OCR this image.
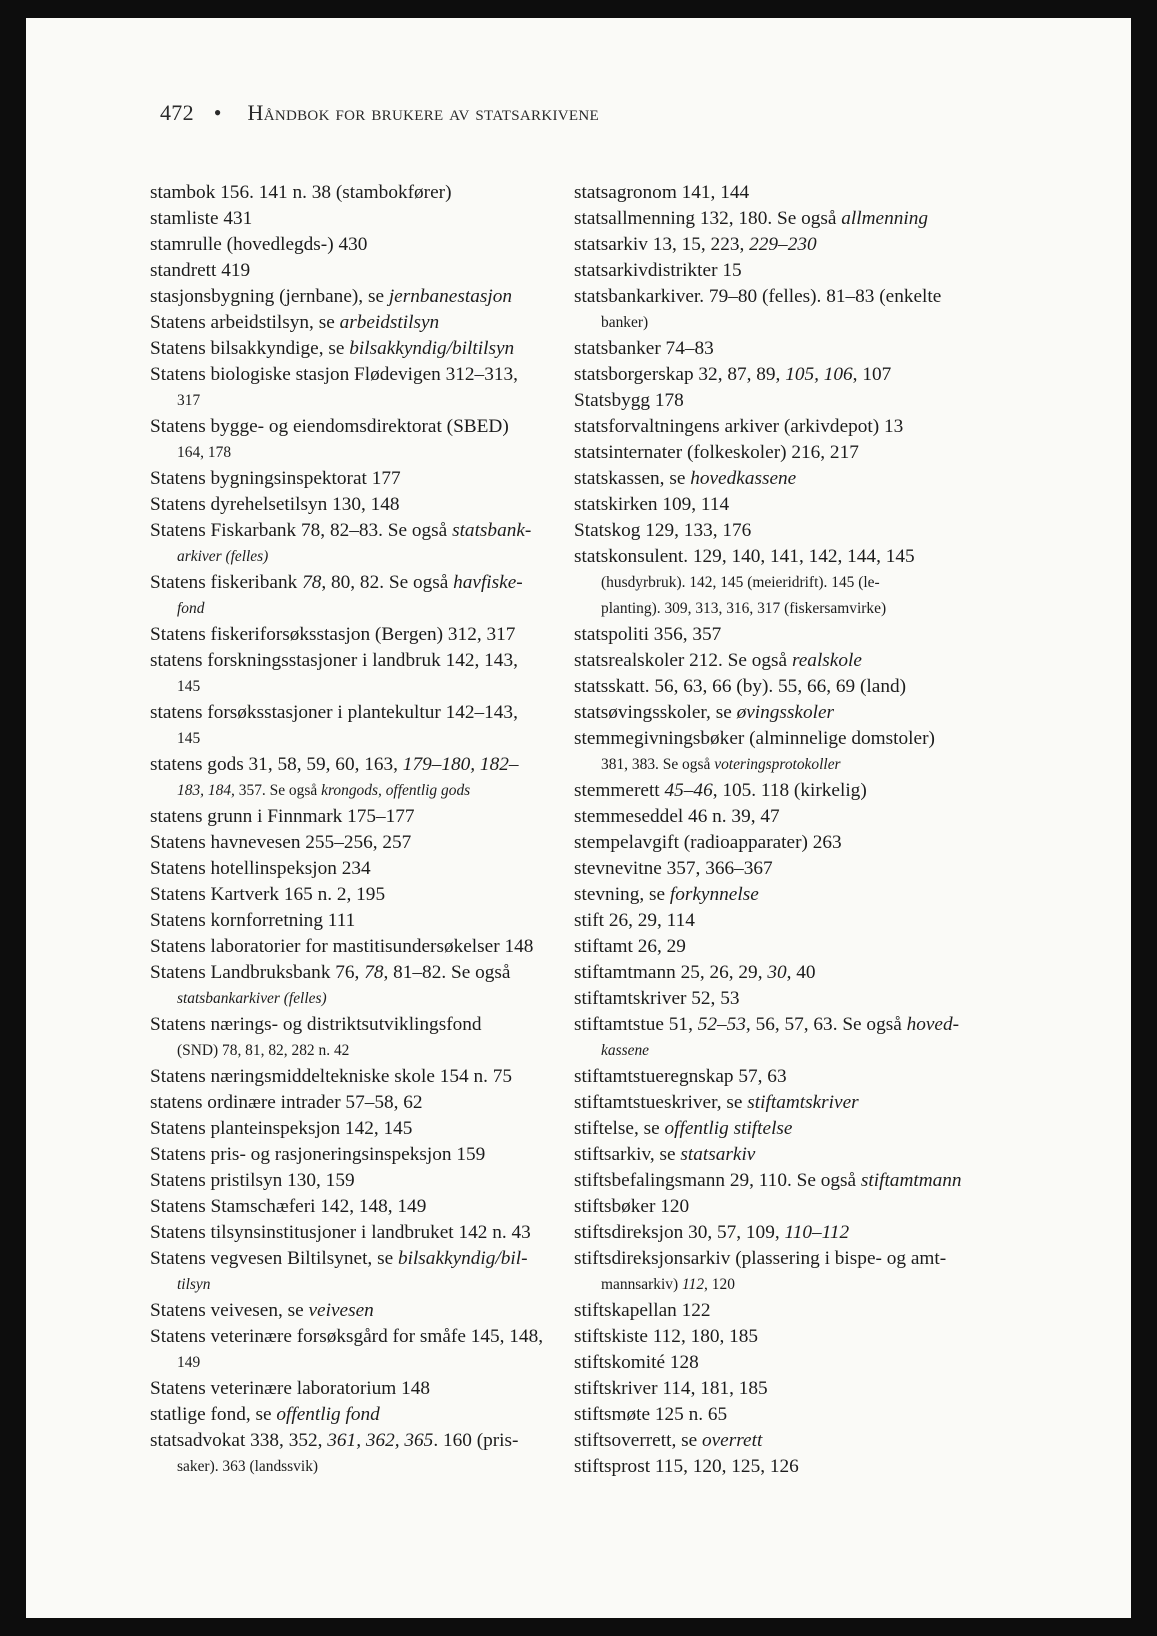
472 • Håndbok for brukere av statsarkivene
stambok 156. 141 n. 38 (stambokfører)
stamliste 431
stamrulle (hovedlegds-) 430
standrett 419
stasjonsbygning (jernbane), se jernbanestasjon
Statens arbeidstilsyn, se arbeidstilsyn
Statens bilsakkyndige, se bilsakkyndig/biltilsyn
Statens biologiske stasjon Flødevigen 312–313,
317
Statens bygge- og eiendomsdirektorat (SBED)
164, 178
Statens bygningsinspektorat 177
Statens dyrehelsetilsyn 130, 148
Statens Fiskarbank 78, 82–83. Se også statsbank-
arkiver (felles)
Statens fiskeribank 78, 80, 82. Se også havfiske-
fond
Statens fiskeriforsøksstasjon (Bergen) 312, 317
statens forskningsstasjoner i landbruk 142, 143,
145
statens forsøksstasjoner i plantekultur 142–143,
145
statens gods 31, 58, 59, 60, 163, 179–180, 182–
183, 184, 357. Se også krongods, offentlig gods
statens grunn i Finnmark 175–177
Statens havnevesen 255–256, 257
Statens hotellinspeksjon 234
Statens Kartverk 165 n. 2, 195
Statens kornforretning 111
Statens laboratorier for mastitisundersøkelser 148
Statens Landbruksbank 76, 78, 81–82. Se også
statsbankarkiver (felles)
Statens nærings- og distriktsutviklingsfond
(SND) 78, 81, 82, 282 n. 42
Statens næringsmiddeltekniske skole 154 n. 75
statens ordinære intrader 57–58, 62
Statens planteinspeksjon 142, 145
Statens pris- og rasjoneringsinspeksjon 159
Statens pristilsyn 130, 159
Statens Stamschæferi 142, 148, 149
Statens tilsynsinstitusjoner i landbruket 142 n. 43
Statens vegvesen Biltilsynet, se bilsakkyndig/bil-
tilsyn
Statens veivesen, se veivesen
Statens veterinære forsøksgård for småfe 145, 148,
149
Statens veterinære laboratorium 148
statlige fond, se offentlig fond
statsadvokat 338, 352, 361, 362, 365. 160 (pris-
saker). 363 (landssvik)
statsagronom 141, 144
statsallmenning 132, 180. Se også allmenning
statsarkiv 13, 15, 223, 229–230
statsarkivdistrikter 15
statsbankarkiver. 79–80 (felles). 81–83 (enkelte
banker)
statsbanker 74–83
statsborgerskap 32, 87, 89, 105, 106, 107
Statsbygg 178
statsforvaltningens arkiver (arkivdepot) 13
statsinternater (folkeskoler) 216, 217
statskassen, se hovedkassene
statskirken 109, 114
Statskog 129, 133, 176
statskonsulent. 129, 140, 141, 142, 144, 145
(husdyrbruk). 142, 145 (meieridrift). 145 (le-
planting). 309, 313, 316, 317 (fiskersamvirke)
statspoliti 356, 357
statsrealskoler 212. Se også realskole
statsskatt. 56, 63, 66 (by). 55, 66, 69 (land)
statsøvingsskoler, se øvingsskoler
stemmegivningsbøker (alminnelige domstoler)
381, 383. Se også voteringsprotokoller
stemmerett 45–46, 105. 118 (kirkelig)
stemmeseddel 46 n. 39, 47
stempelavgift (radioapparater) 263
stevnevitne 357, 366–367
stevning, se forkynnelse
stift 26, 29, 114
stiftamt 26, 29
stiftamtmann 25, 26, 29, 30, 40
stiftamtskriver 52, 53
stiftamtstue 51, 52–53, 56, 57, 63. Se også hoved-
kassene
stiftamtstueregnskap 57, 63
stiftamtstueskriver, se stiftamtskriver
stiftelse, se offentlig stiftelse
stiftsarkiv, se statsarkiv
stiftsbefalingsmann 29, 110. Se også stiftamtmann
stiftsbøker 120
stiftsdireksjon 30, 57, 109, 110–112
stiftsdireksjonsarkiv (plassering i bispe- og amt-
mannsarkiv) 112, 120
stiftskapellan 122
stiftskiste 112, 180, 185
stiftskomité 128
stiftskriver 114, 181, 185
stiftsmøte 125 n. 65
stiftsoverrett, se overrett
stiftsprost 115, 120, 125, 126
